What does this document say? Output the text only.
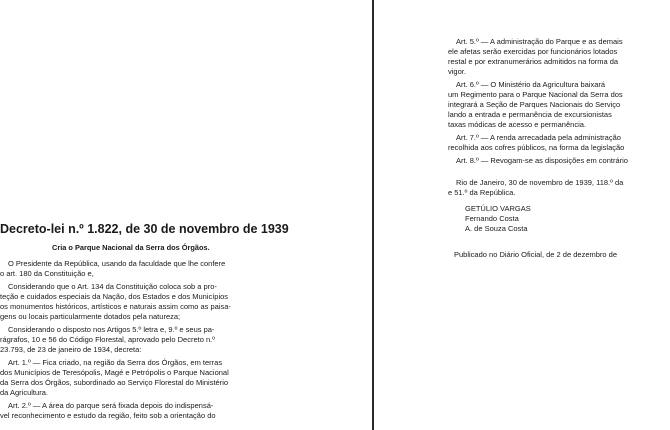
Decreto-lei n.º 1.822, de 30 de novembro de 1939
Cria o Parque Nacional da Serra dos Órgãos.
O Presidente da República, usando da faculdade que lhe confere
o art. 180 da Constituição e,
Considerando que o Art. 134 da Constituição coloca sob a pro-
teção e cuidados especiais da Nação, dos Estados e dos Municípios
os monumentos históricos, artísticos e naturais assim como as paisa-
gens ou locais particularmente dotados pela natureza;
Considerando o disposto nos Artigos 5.º letra e, 9.º e seus pa-
rágrafos, 10 e 56 do Código Florestal, aprovado pelo Decreto n.º
23.793, de 23 de janeiro de 1934, decreta:
Art. 1.º — Fica criado, na região da Serra dos Órgãos, em terras
dos Municípios de Teresópolis, Magé e Petrópolis o Parque Nacional
da Serra dos Órgãos, subordinado ao Serviço Florestal do Ministério
da Agricultura.
Art. 2.º — A área do parque será fixada depois do indispensá-
vel reconhecimento e estudo da região, feito sob a orientação do
Art. 5.º — A administração do Parque e as demais
ele afetas serão exercidas por funcionários lotados
restal e por extranumerários admitidos na forma da
vigor.
Art. 6.º — O Ministério da Agricultura baixará
um Regimento para o Parque Nacional da Serra dos
integrará a Seção de Parques Nacionais do Serviço
lando a entrada e permanência de excursionistas
taxas módicas de acesso e permanência.
Art. 7.º — A renda arrecadada pela administração
recolhida aos cofres públicos, na forma da legislação
Art. 8.º — Revogam-se as disposições em contrário
Rio de Janeiro, 30 de novembro de 1939, 118.º da
e 51.º da República.
GETÚLIO VARGAS
Fernando Costa
A. de Souza Costa
Publicado no Diário Oficial, de 2 de dezembro de
